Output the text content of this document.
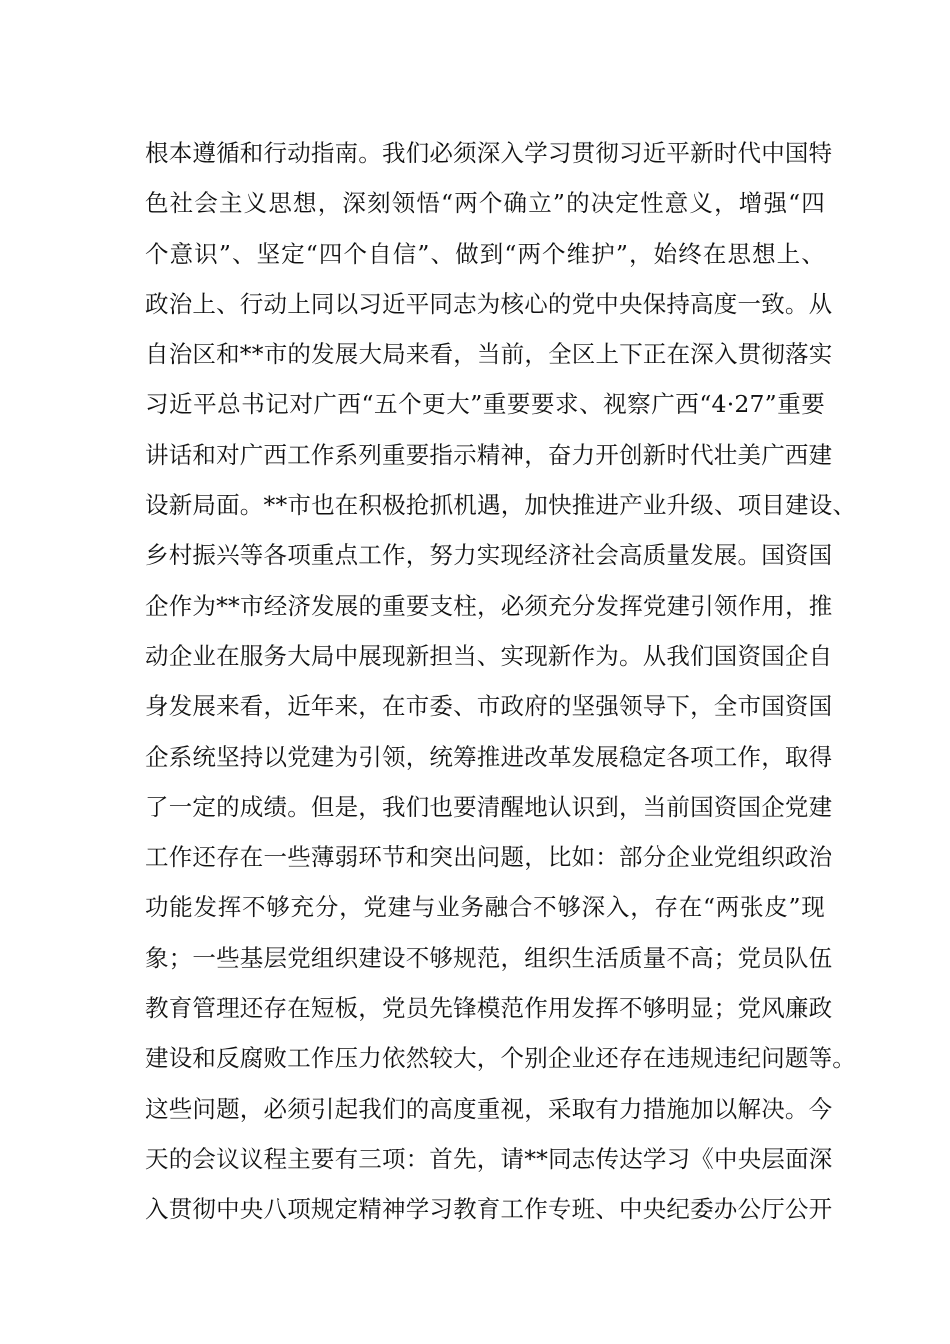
根本遵循和行动指南。我们必须深入学习贯彻习近平新时代中国特
色社会主义思想，深刻领悟“两个确立”的决定性意义，增强“四
个意识”、坚定“四个自信”、做到“两个维护”，始终在思想上、
政治上、行动上同以习近平同志为核心的党中央保持高度一致。从
自治区和**市的发展大局来看，当前，全区上下正在深入贯彻落实
习近平总书记对广西“五个更大”重要要求、视察广西“4·27”重要
讲话和对广西工作系列重要指示精神，奋力开创新时代壮美广西建
设新局面。**市也在积极抢抓机遇，加快推进产业升级、项目建设、
乡村振兴等各项重点工作，努力实现经济社会高质量发展。国资国
企作为**市经济发展的重要支柱，必须充分发挥党建引领作用，推
动企业在服务大局中展现新担当、实现新作为。从我们国资国企自
身发展来看，近年来，在市委、市政府的坚强领导下，全市国资国
企系统坚持以党建为引领，统筹推进改革发展稳定各项工作，取得
了一定的成绩。但是，我们也要清醒地认识到，当前国资国企党建
工作还存在一些薄弱环节和突出问题，比如：部分企业党组织政治
功能发挥不够充分，党建与业务融合不够深入，存在“两张皮”现
象；一些基层党组织建设不够规范，组织生活质量不高；党员队伍
教育管理还存在短板，党员先锋模范作用发挥不够明显；党风廉政
建设和反腐败工作压力依然较大，个别企业还存在违规违纪问题等。
这些问题，必须引起我们的高度重视，采取有力措施加以解决。今
天的会议议程主要有三项：首先，请**同志传达学习《中央层面深
入贯彻中央八项规定精神学习教育工作专班、中央纪委办公厅公开
